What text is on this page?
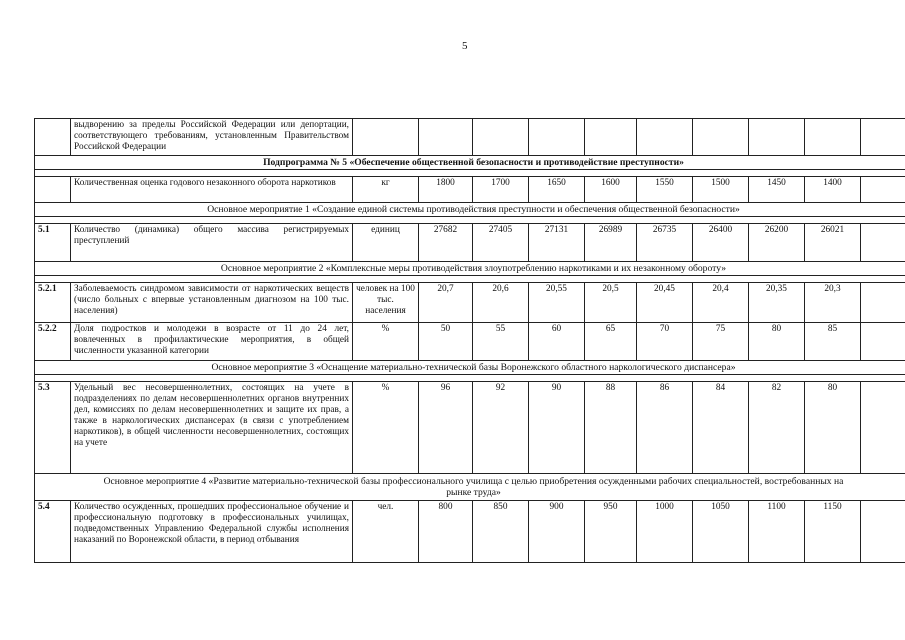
5
	выдворению за пределы Российской Федерации или депортации, соответствующего требованиям, установленным Правительством Российской Федерации										
Подпрограмма № 5 «Обеспечение общественной безопасности и противодействие преступности»											

	Количественная оценка годового незаконного оборота наркотиков	кг	1800	1700	1650	1600	1550	1500	1450	1400	
Основное мероприятие 1 «Создание единой системы противодействия преступности и обеспечения общественной безопасности»											

5.1	Количество (динамика) общего массива регистрируемых преступлений	единиц	27682	27405	27131	26989	26735	26400	26200	26021	
Основное мероприятие 2 «Комплексные меры противодействия злоупотреблению наркотиками и их незаконному обороту»											

5.2.1	Заболеваемость синдромом зависимости от наркотических веществ (число больных с впервые установленным диагнозом на 100 тыс. населения)	человек на 100 тыс. населения	20,7	20,6	20,55	20,5	20,45	20,4	20,35	20,3	
5.2.2	Доля подростков и молодежи в возрасте от 11 до 24 лет, вовлеченных в профилактические мероприятия, в общей численности указанной категории	%	50	55	60	65	70	75	80	85	
Основное мероприятие 3 «Оснащение материально-технической базы Воронежского областного наркологического диспансера»											

5.3	Удельный вес несовершеннолетних, состоящих на учете в подразделениях по делам несовершеннолетних органов внутренних дел, комиссиях по делам несовершеннолетних и защите их прав, а также в наркологических диспансерах (в связи с употреблением наркотиков), в общей численности несовершеннолетних, состоящих на учете	%	96	92	90	88	86	84	82	80	
Основное мероприятие 4 «Развитие материально-технической базы профессионального училища с целью приобретения осужденными рабочих специальностей, востребованных на рынке труда»											
5.4	Количество осужденных, прошедших профессиональное обучение и профессиональную подготовку в профессиональных училищах, подведомственных Управлению Федеральной службы исполнения наказаний по Воронежской области, в период отбывания	чел.	800	850	900	950	1000	1050	1100	1150	
